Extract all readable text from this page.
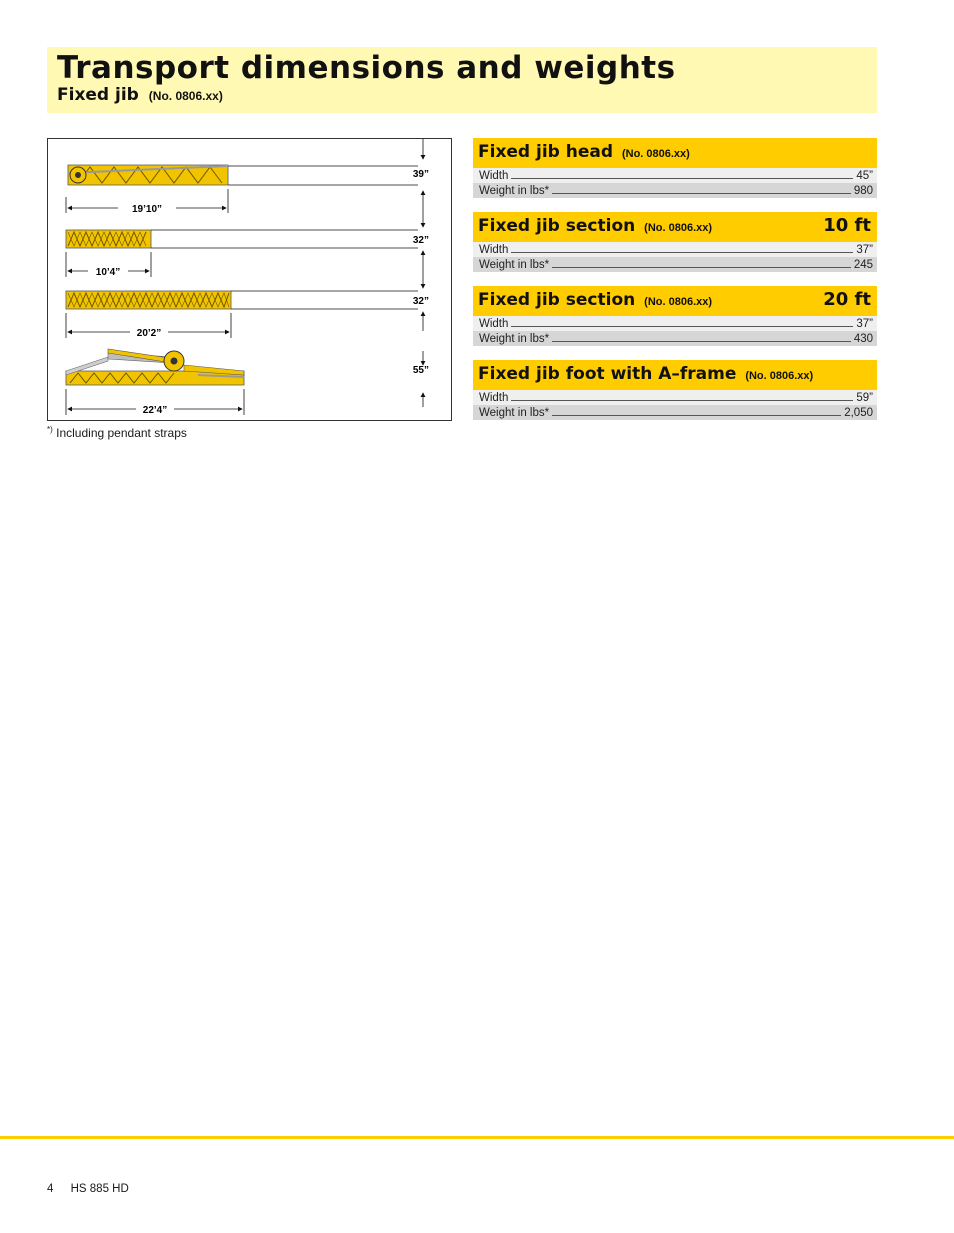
Transport dimensions and weights
Fixed jib (No. 0806.xx)
39”
19’10”
32”
10’4”
32”
20’2”
55”
22’4”
*) Including pendant straps
Fixed jib head (No. 0806.xx)
Width	45”
Weight in lbs*	980
Fixed jib section (No. 0806.xx)	10 ft
Width	37”
Weight in lbs*	245
Fixed jib section (No. 0806.xx)	20 ft
Width	37”
Weight in lbs*	430
Fixed jib foot with A–frame (No. 0806.xx)
Width	59”
Weight in lbs*	2,050
4 HS 885 HD
